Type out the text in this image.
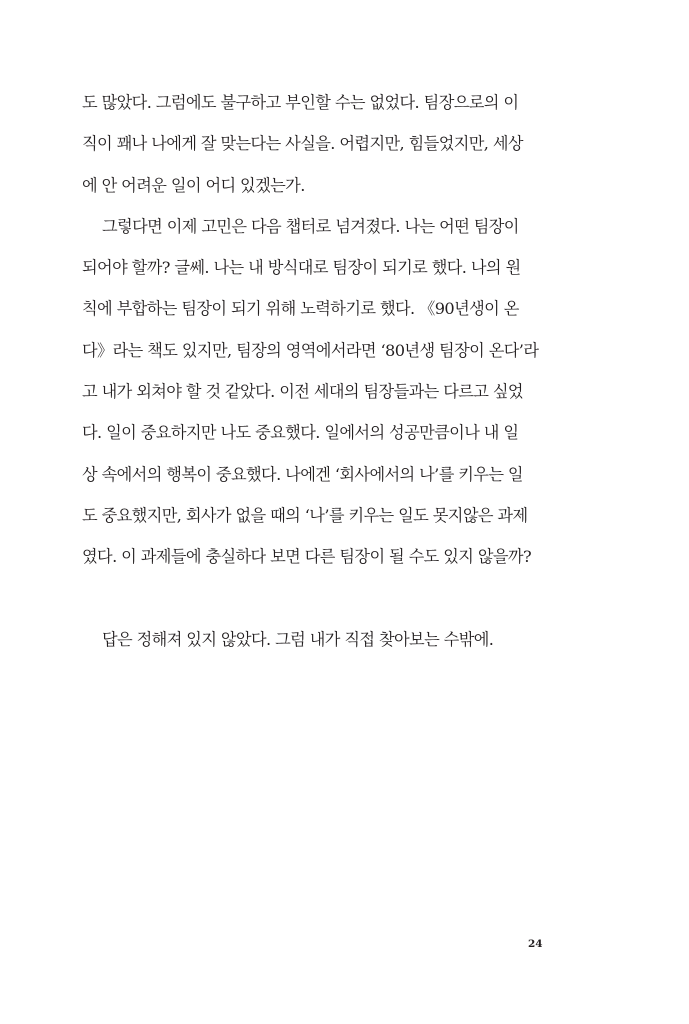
도 많았다. 그럼에도 불구하고 부인할 수는 없었다. 팀장으로의 이
직이 꽤나 나에게 잘 맞는다는 사실을. 어렵지만, 힘들었지만, 세상
에 안 어려운 일이 어디 있겠는가.
그렇다면 이제 고민은 다음 챕터로 넘겨졌다. 나는 어떤 팀장이
되어야 할까? 글쎄. 나는 내 방식대로 팀장이 되기로 했다. 나의 원
칙에 부합하는 팀장이 되기 위해 노력하기로 했다. 《90년생이 온
다》라는 책도 있지만, 팀장의 영역에서라면 ‘80년생 팀장이 온다’라
고 내가 외쳐야 할 것 같았다. 이전 세대의 팀장들과는 다르고 싶었
다. 일이 중요하지만 나도 중요했다. 일에서의 성공만큼이나 내 일
상 속에서의 행복이 중요했다. 나에겐 ‘회사에서의 나’를 키우는 일
도 중요했지만, 회사가 없을 때의 ‘나’를 키우는 일도 못지않은 과제
였다. 이 과제들에 충실하다 보면 다른 팀장이 될 수도 있지 않을까?
답은 정해져 있지 않았다. 그럼 내가 직접 찾아보는 수밖에.
24
